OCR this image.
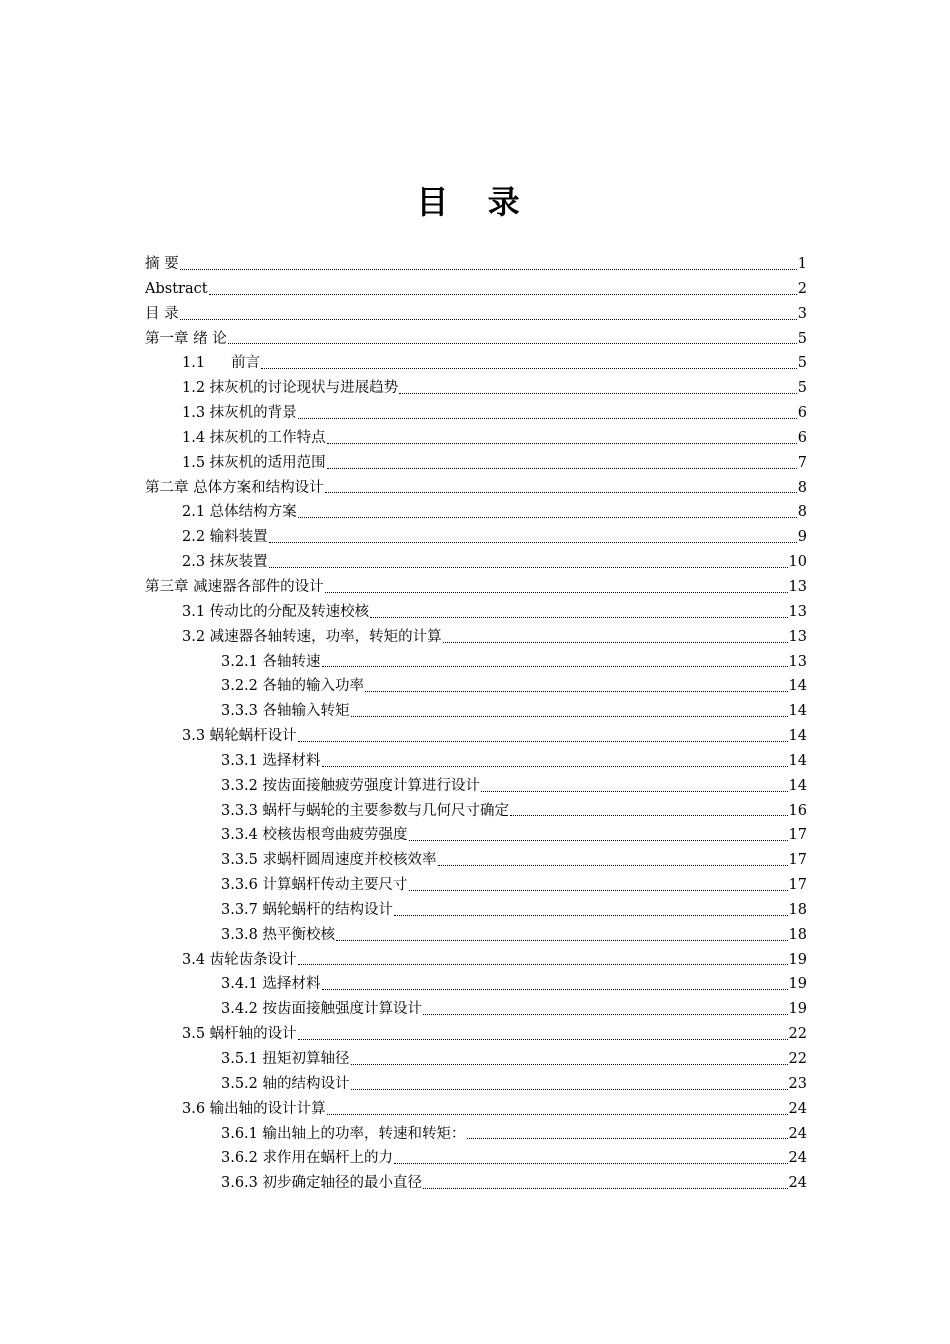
目 录
摘 要	1
Abstract	2
目 录	3
第一章 绪 论	5
1.1 前言	5
1.2 抹灰机的讨论现状与进展趋势	5
1.3 抹灰机的背景	6
1.4 抹灰机的工作特点	6
1.5 抹灰机的适用范围	7
第二章 总体方案和结构设计	8
2.1 总体结构方案	8
2.2 输料装置	9
2.3 抹灰装置	10
第三章 减速器各部件的设计	13
3.1 传动比的分配及转速校核	13
3.2 减速器各轴转速，功率，转矩的计算	13
3.2.1 各轴转速	13
3.2.2 各轴的输入功率	14
3.3.3 各轴输入转矩	14
3.3 蜗轮蜗杆设计	14
3.3.1 选择材料	14
3.3.2 按齿面接触疲劳强度计算进行设计	14
3.3.3 蜗杆与蜗轮的主要参数与几何尺寸确定	16
3.3.4 校核齿根弯曲疲劳强度	17
3.3.5 求蜗杆圆周速度并校核效率	17
3.3.6 计算蜗杆传动主要尺寸	17
3.3.7 蜗轮蜗杆的结构设计	18
3.3.8 热平衡校核	18
3.4 齿轮齿条设计	19
3.4.1 选择材料	19
3.4.2 按齿面接触强度计算设计	19
3.5 蜗杆轴的设计	22
3.5.1 扭矩初算轴径	22
3.5.2 轴的结构设计	23
3.6 输出轴的设计计算	24
3.6.1 输出轴上的功率，转速和转矩：	24
3.6.2 求作用在蜗杆上的力	24
3.6.3 初步确定轴径的最小直径	24
